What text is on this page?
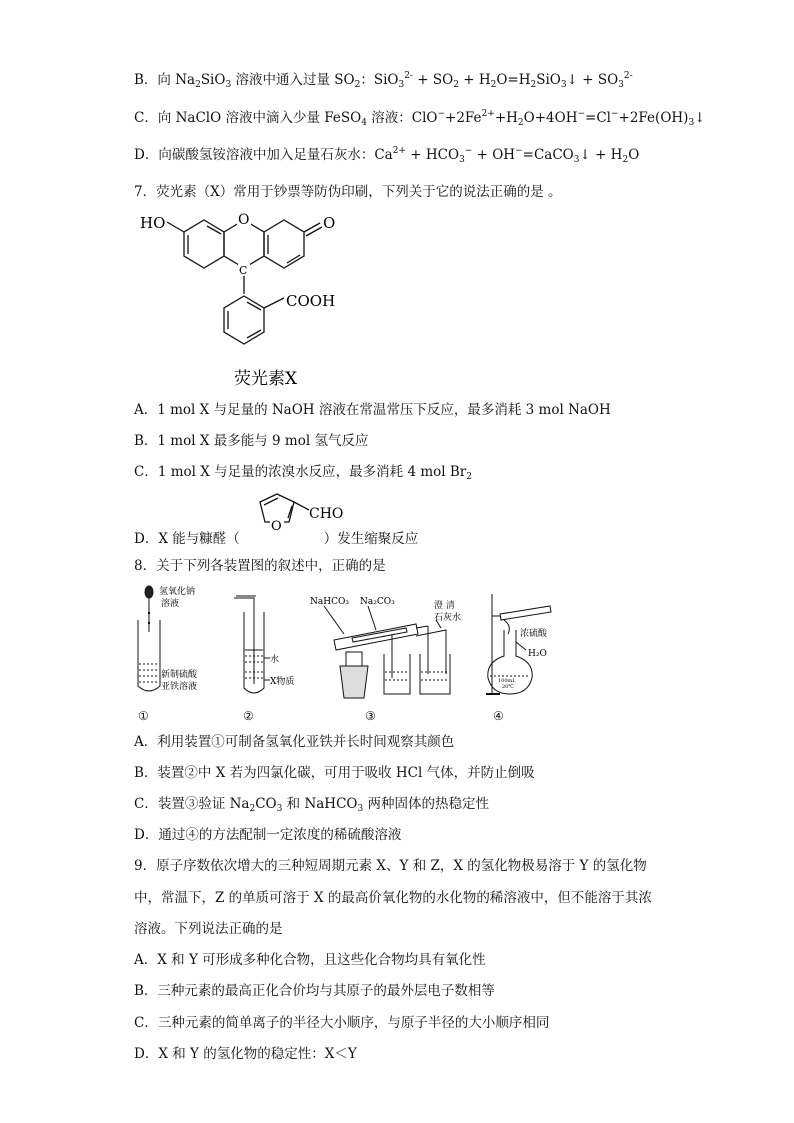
B．向 $Na_2SiO_3$ 溶液中通入过量 $SO_2$：$SiO_3^{2-} + SO_2$ + $H_2O=H_2SiO_3↓ + SO_3^{2-}$
C．向 NaClO 溶液中滴入少量 FeSO$_4$ 溶液：$ClO^-+2Fe^{2+}+H_2O+4OH^-=Cl^-+2Fe(OH)_3↓$
D．向碳酸氢铵溶液中加入足量石灰水：$Ca^{2+} + HCO_3^-$ + OH−=CaCO$_3$↓ + $H_2O$
7．荧光素（X）常用于钞票等防伪印刷，下列关于它的说法正确的是 。
O
HO	O
C
COOH
荧光素X
A．1 mol X 与足量的 NaOH 溶液在常温常压下反应，最多消耗 3 mol NaOH
B．1 mol X 最多能与 9 mol 氢气反应
C．1 mol X 与足量的浓溴水反应，最多消耗 4 mol $Br_2$
D．X 能与糠醛（	）发生缩聚反应
O
CHO
8．关于下列各装置图的叙述中，正确的是
氢氧化钠
溶液
新制硫酸
亚铁溶液
①
水
X物质
②
NaHCO₃ Na₂CO₃	澄 清
石灰水
③
浓硫酸
H₂O
100mL
20℃
④
A．利用装置①可制备氢氧化亚铁并长时间观察其颜色
B．装置②中 X 若为四氯化碳，可用于吸收 HCl 气体，并防止倒吸
C．装置③验证 $Na_2CO_3$ 和 NaHCO$_3$ 两种固体的热稳定性
D．通过④的方法配制一定浓度的稀硫酸溶液
9．原子序数依次增大的三种短周期元素 X、Y 和 Z，X 的氢化物极易溶于 Y 的氢化物
中，常温下，Z 的单质可溶于 X 的最高价氧化物的水化物的稀溶液中，但不能溶于其浓
溶液。下列说法正确的是
A．X 和 Y 可形成多种化合物，且这些化合物均具有氧化性
B．三种元素的最高正化合价均与其原子的最外层电子数相等
C．三种元素的简单离子的半径大小顺序，与原子半径的大小顺序相同
D．X 和 Y 的氢化物的稳定性：X＜Y
